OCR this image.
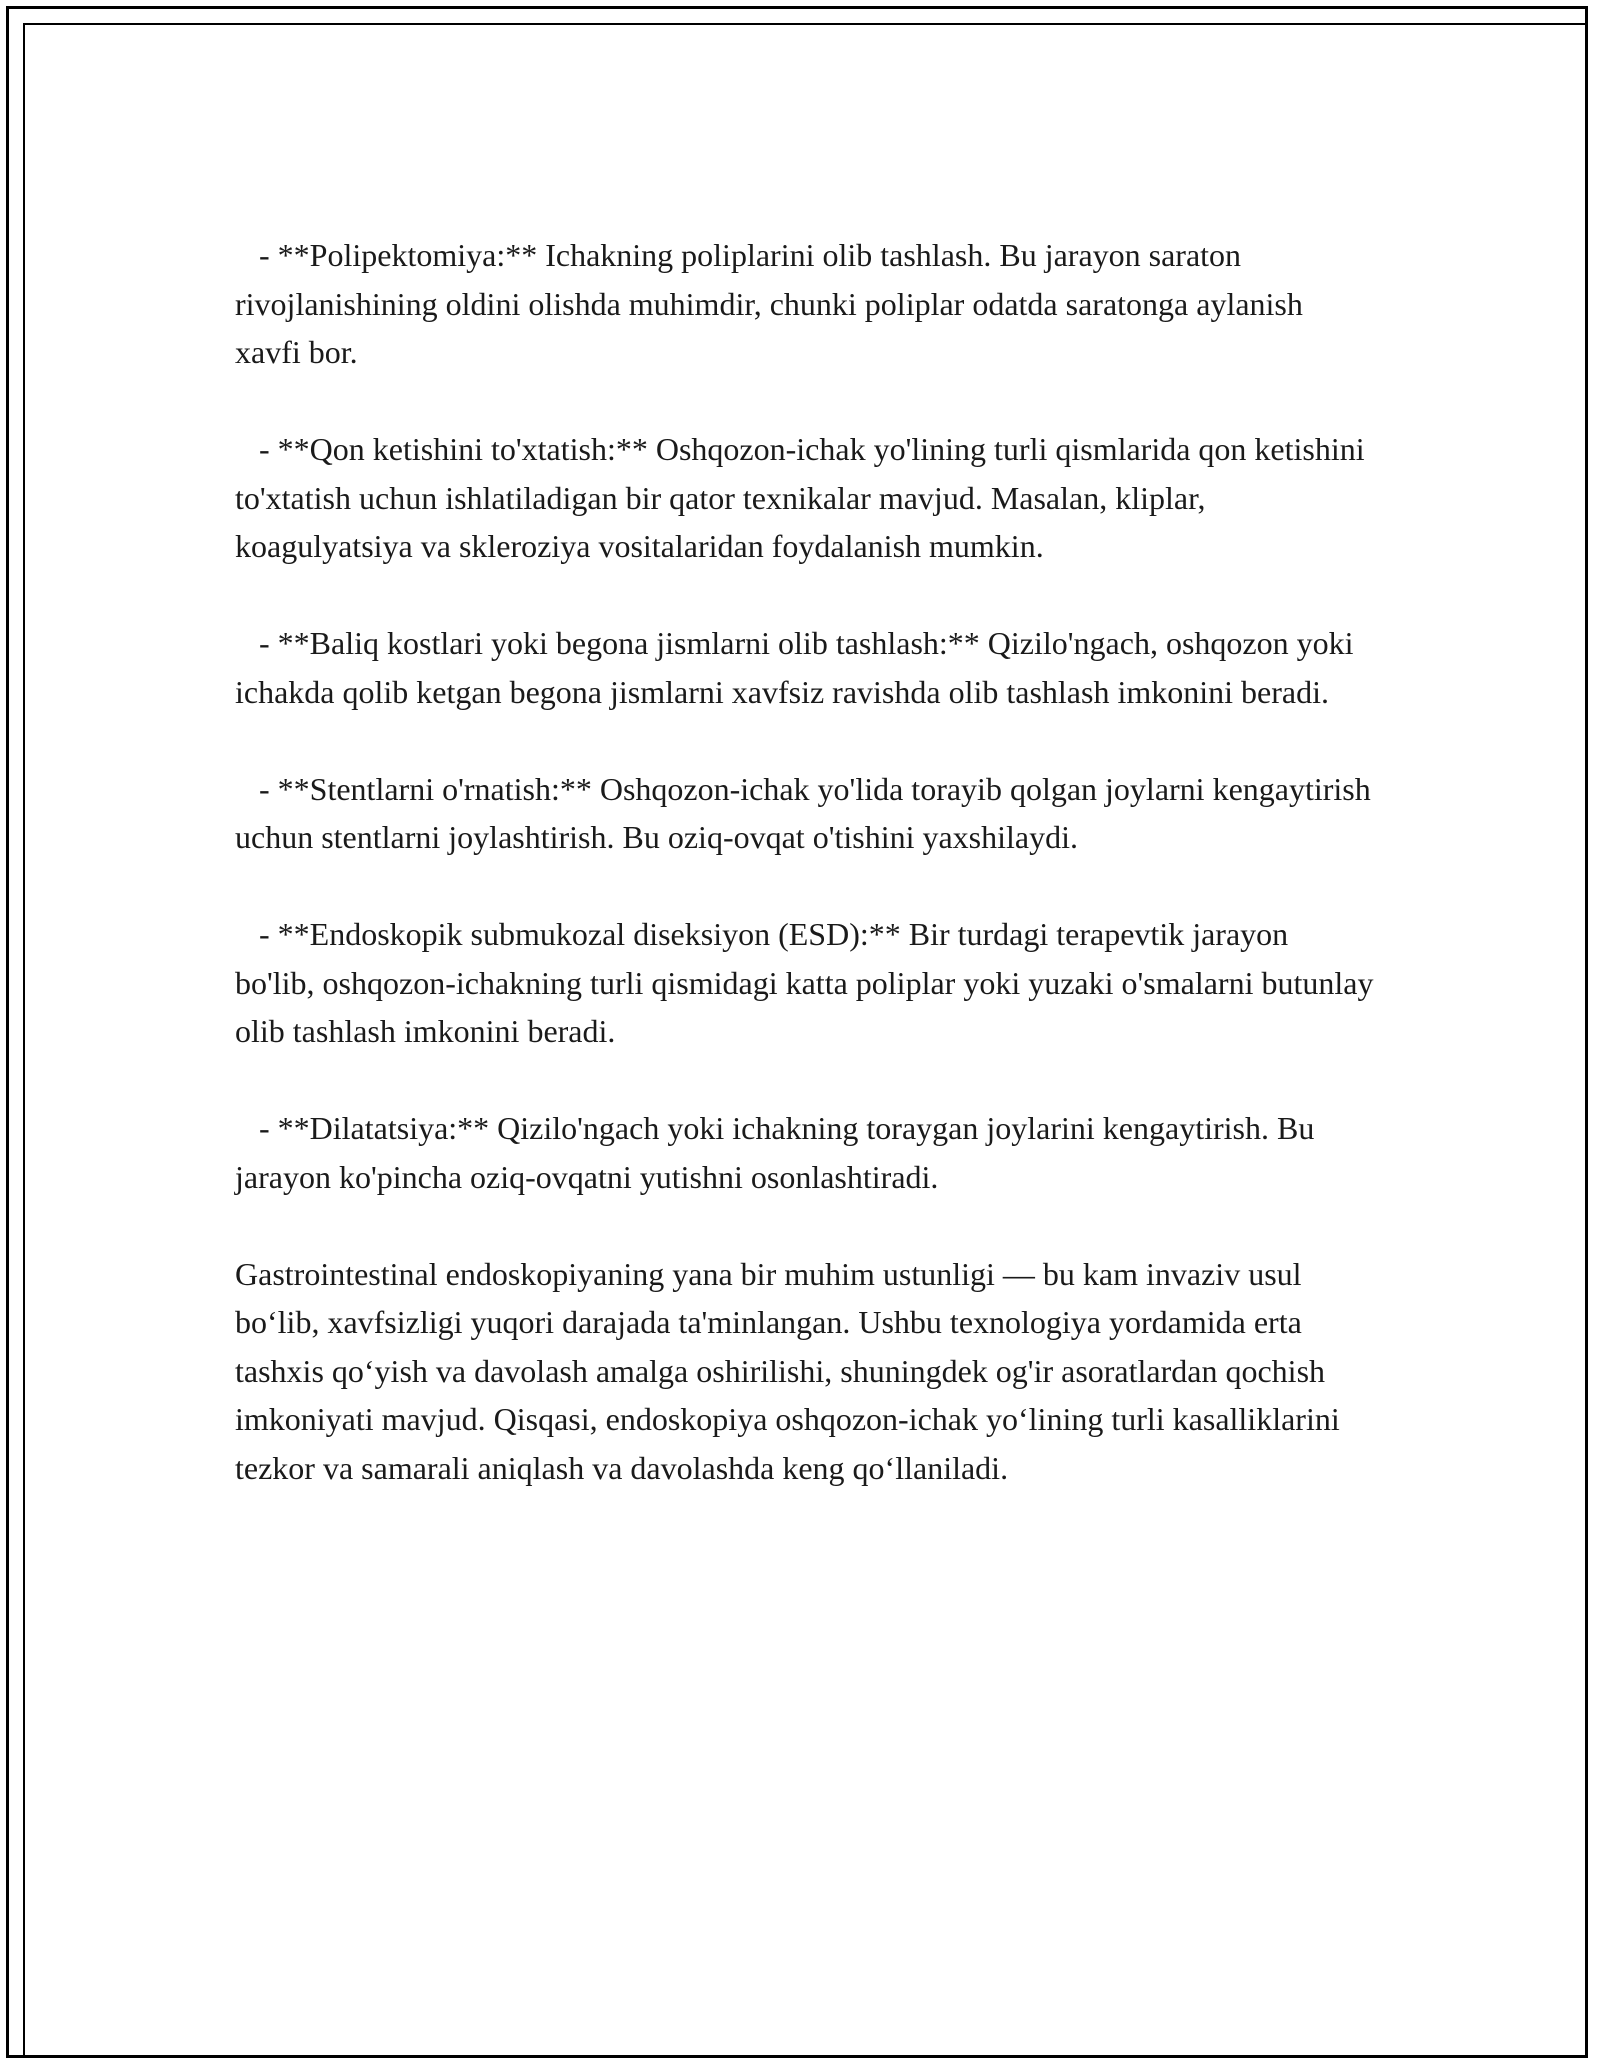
- **Polipektomiya:** Ichakning poliplarini olib tashlash. Bu jarayon saraton rivojlanishining oldini olishda muhimdir, chunki poliplar odatda saratonga aylanish xavfi bor.

- **Qon ketishini to'xtatish:** Oshqozon-ichak yo'lining turli qismlarida qon ketishini to'xtatish uchun ishlatiladigan bir qator texnikalar mavjud. Masalan, kliplar, koagulyatsiya va skleroziya vositalaridan foydalanish mumkin.

- **Baliq kostlari yoki begona jismlarni olib tashlash:** Qizilo'ngach, oshqozon yoki ichakda qolib ketgan begona jismlarni xavfsiz ravishda olib tashlash imkonini beradi.

- **Stentlarni o'rnatish:** Oshqozon-ichak yo'lida torayib qolgan joylarni kengaytirish uchun stentlarni joylashtirish. Bu oziq-ovqat o'tishini yaxshilaydi.

- **Endoskopik submukozal diseksiyon (ESD):** Bir turdagi terapevtik jarayon bo'lib, oshqozon-ichakning turli qismidagi katta poliplar yoki yuzaki o'smalarni butunlay olib tashlash imkonini beradi.

- **Dilatatsiya:** Qizilo'ngach yoki ichakning toraygan joylarini kengaytirish. Bu jarayon ko'pincha oziq-ovqatni yutishni osonlashtiradi.

Gastrointestinal endoskopiyaning yana bir muhim ustunligi — bu kam invaziv usul bo‘lib, xavfsizligi yuqori darajada ta'minlangan. Ushbu texnologiya yordamida erta tashxis qo‘yish va davolash amalga oshirilishi, shuningdek og'ir asoratlardan qochish imkoniyati mavjud. Qisqasi, endoskopiya oshqozon-ichak yo‘lining turli kasalliklarini tezkor va samarali aniqlash va davolashda keng qo‘llaniladi.
